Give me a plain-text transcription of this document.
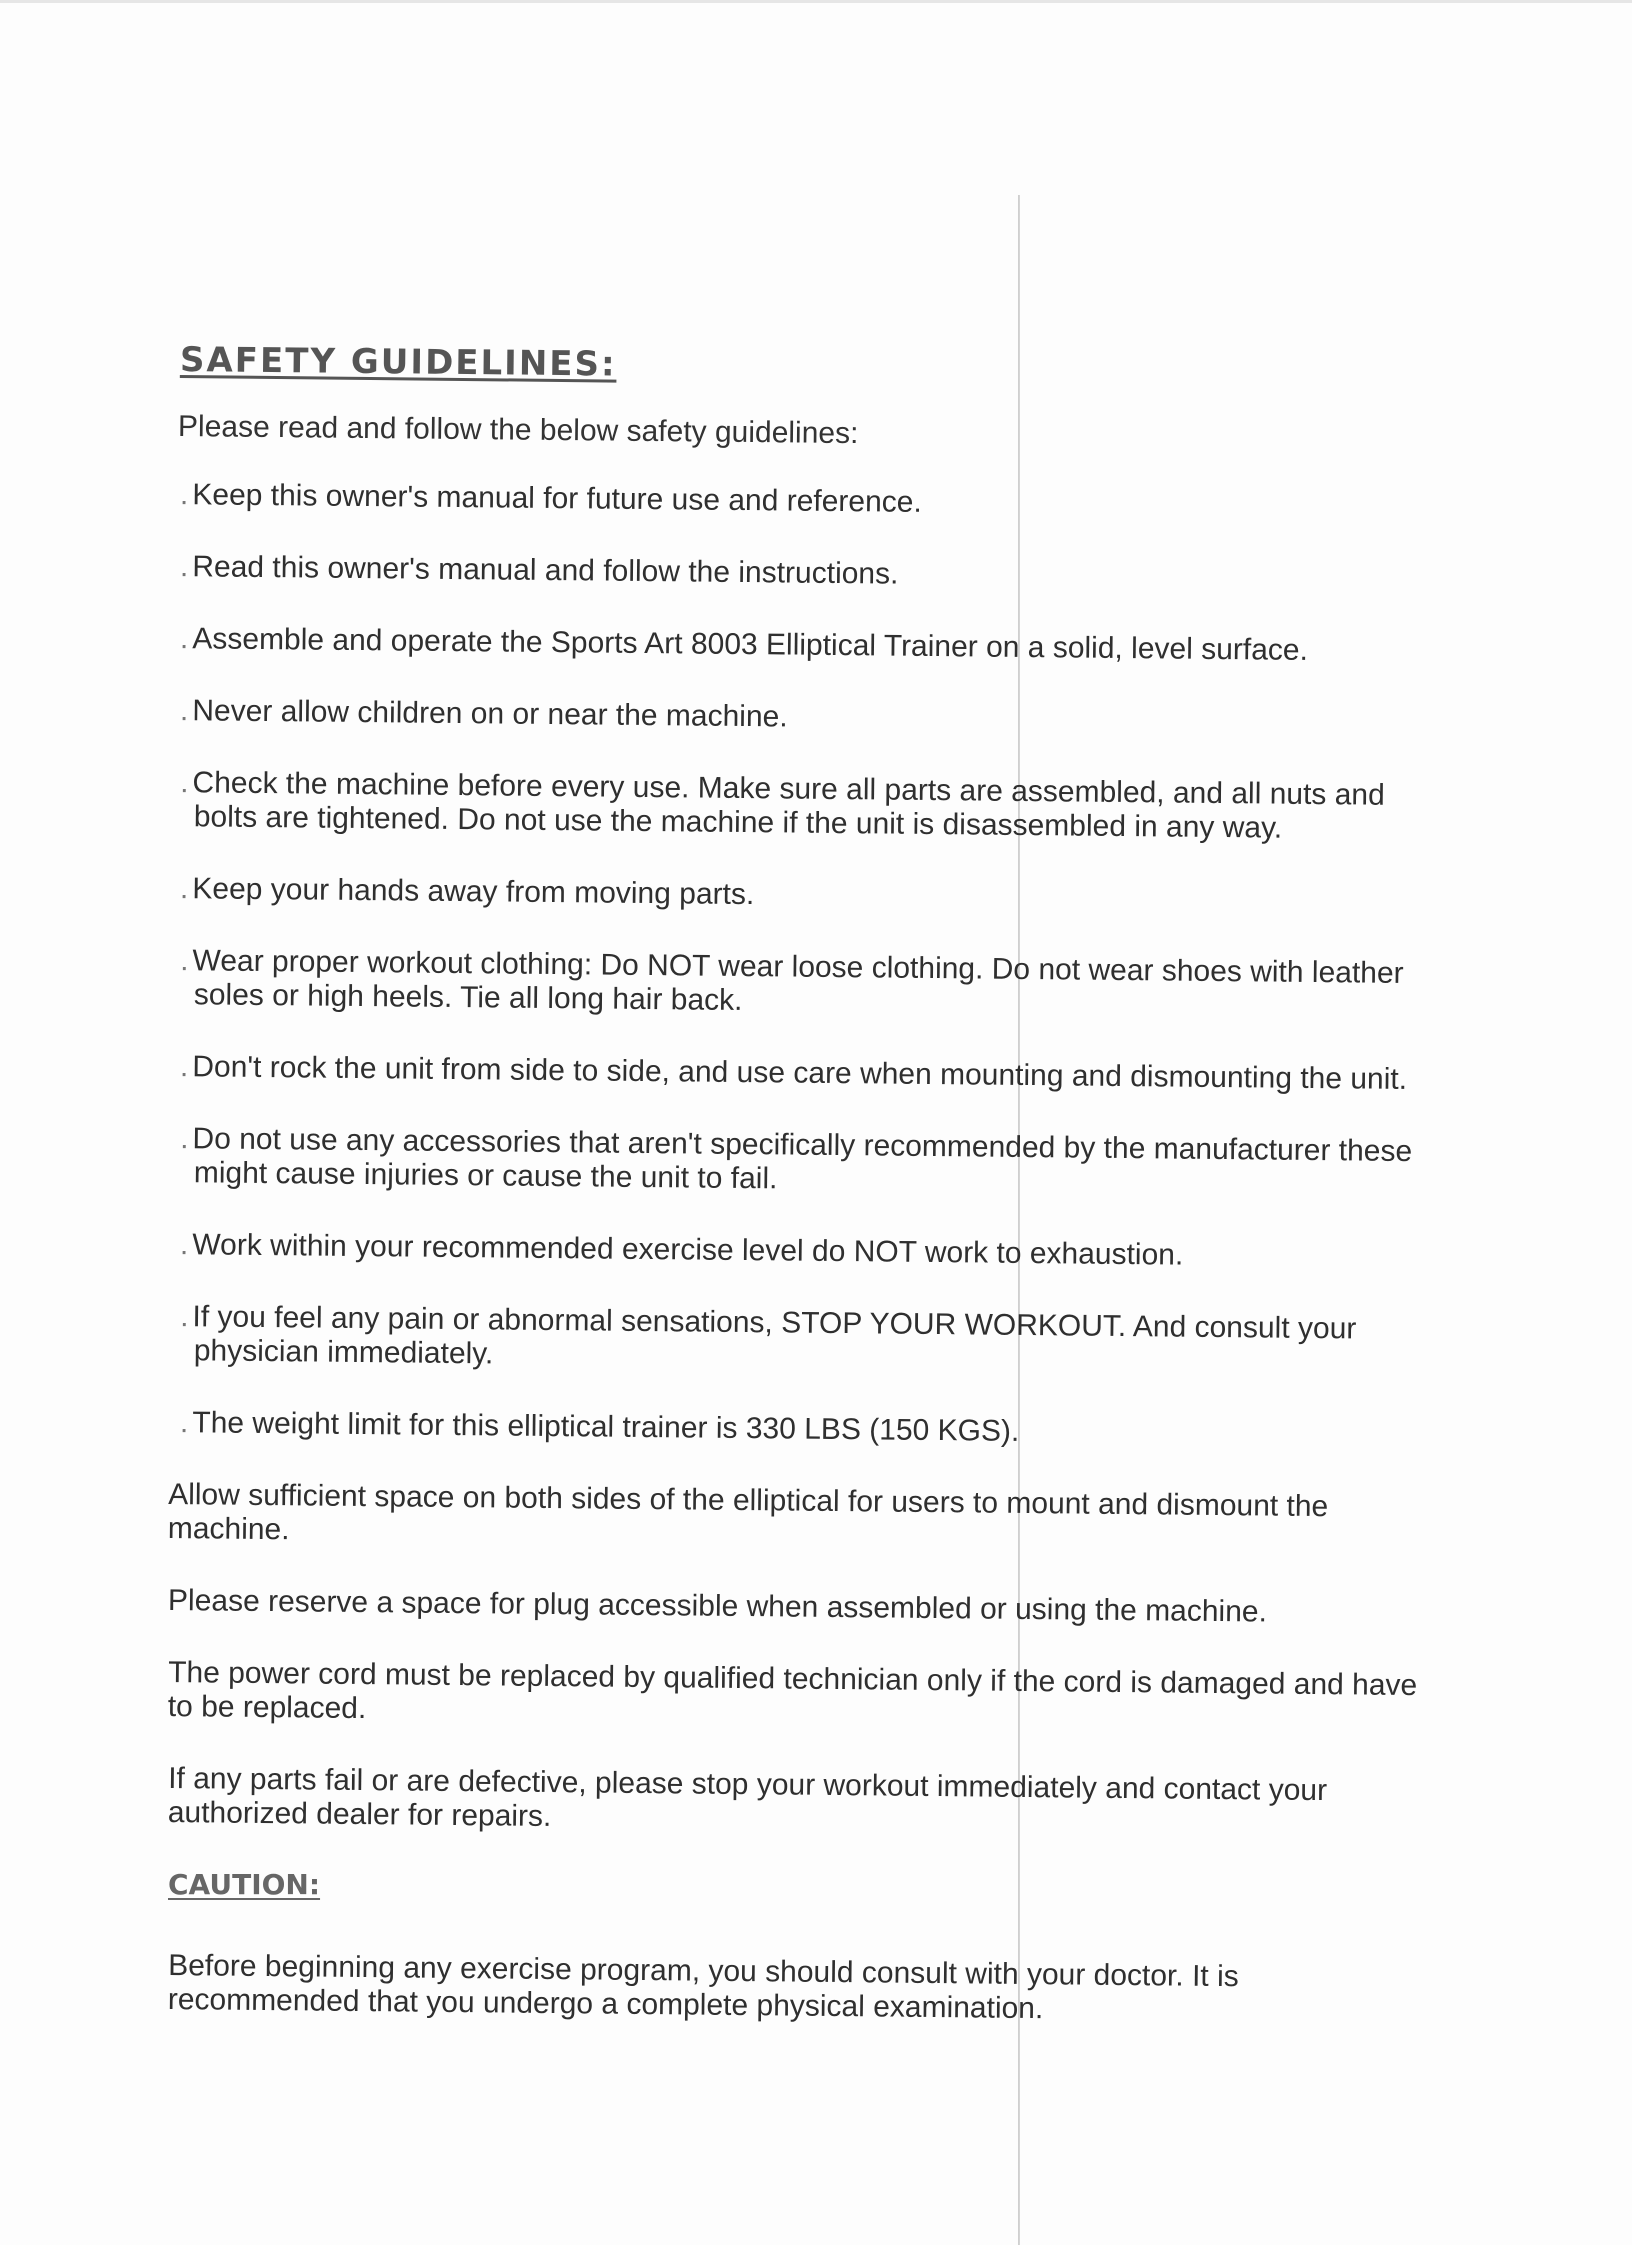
SAFETY GUIDELINES:
Please read and follow the below safety guidelines:
. Keep this owner's manual for future use and reference.
. Read this owner's manual and follow the instructions.
. Assemble and operate the Sports Art 8003 Elliptical Trainer on a solid, level surface.
. Never allow children on or near the machine.
. Check the machine before every use. Make sure all parts are assembled, and all nuts and bolts are tightened. Do not use the machine if the unit is disassembled in any way.
. Keep your hands away from moving parts.
. Wear proper workout clothing: Do NOT wear loose clothing. Do not wear shoes with leather soles or high heels. Tie all long hair back.
. Don't rock the unit from side to side, and use care when mounting and dismounting the unit.
. Do not use any accessories that aren't specifically recommended by the manufacturer these might cause injuries or cause the unit to fail.
. Work within your recommended exercise level do NOT work to exhaustion.
. If you feel any pain or abnormal sensations, STOP YOUR WORKOUT. And consult your physician immediately.
. The weight limit for this elliptical trainer is 330 LBS (150 KGS).
Allow sufficient space on both sides of the elliptical for users to mount and dismount the machine.
Please reserve a space for plug accessible when assembled or using the machine.
The power cord must be replaced by qualified technician only if the cord is damaged and have to be replaced.
If any parts fail or are defective, please stop your workout immediately and contact your authorized dealer for repairs.
CAUTION:
Before beginning any exercise program, you should consult with your doctor. It is recommended that you undergo a complete physical examination.
